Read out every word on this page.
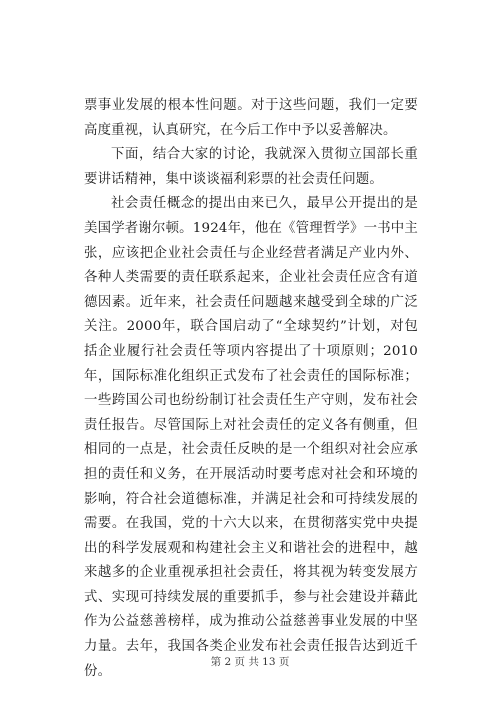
票事业发展的根本性问题。对于这些问题，我们一定要高度重视，认真研究，在今后工作中予以妥善解决。

下面，结合大家的讨论，我就深入贯彻立国部长重要讲话精神，集中谈谈福利彩票的社会责任问题。

社会责任概念的提出由来已久，最早公开提出的是美国学者谢尔顿。1924年，他在《管理哲学》一书中主张，应该把企业社会责任与企业经营者满足产业内外、各种人类需要的责任联系起来，企业社会责任应含有道德因素。近年来，社会责任问题越来越受到全球的广泛关注。2000年，联合国启动了“全球契约”计划，对包括企业履行社会责任等项内容提出了十项原则；2010年，国际标准化组织正式发布了社会责任的国际标准；一些跨国公司也纷纷制订社会责任生产守则，发布社会责任报告。尽管国际上对社会责任的定义各有侧重，但相同的一点是，社会责任反映的是一个组织对社会应承担的责任和义务，在开展活动时要考虑对社会和环境的影响，符合社会道德标准，并满足社会和可持续发展的需要。在我国，党的十六大以来，在贯彻落实党中央提出的科学发展观和构建社会主义和谐社会的进程中，越来越多的企业重视承担社会责任，将其视为转变发展方式、实现可持续发展的重要抓手，参与社会建设并藉此作为公益慈善榜样，成为推动公益慈善事业发展的中坚力量。去年，我国各类企业发布社会责任报告达到近千份。

第 2 页 共 13 页
